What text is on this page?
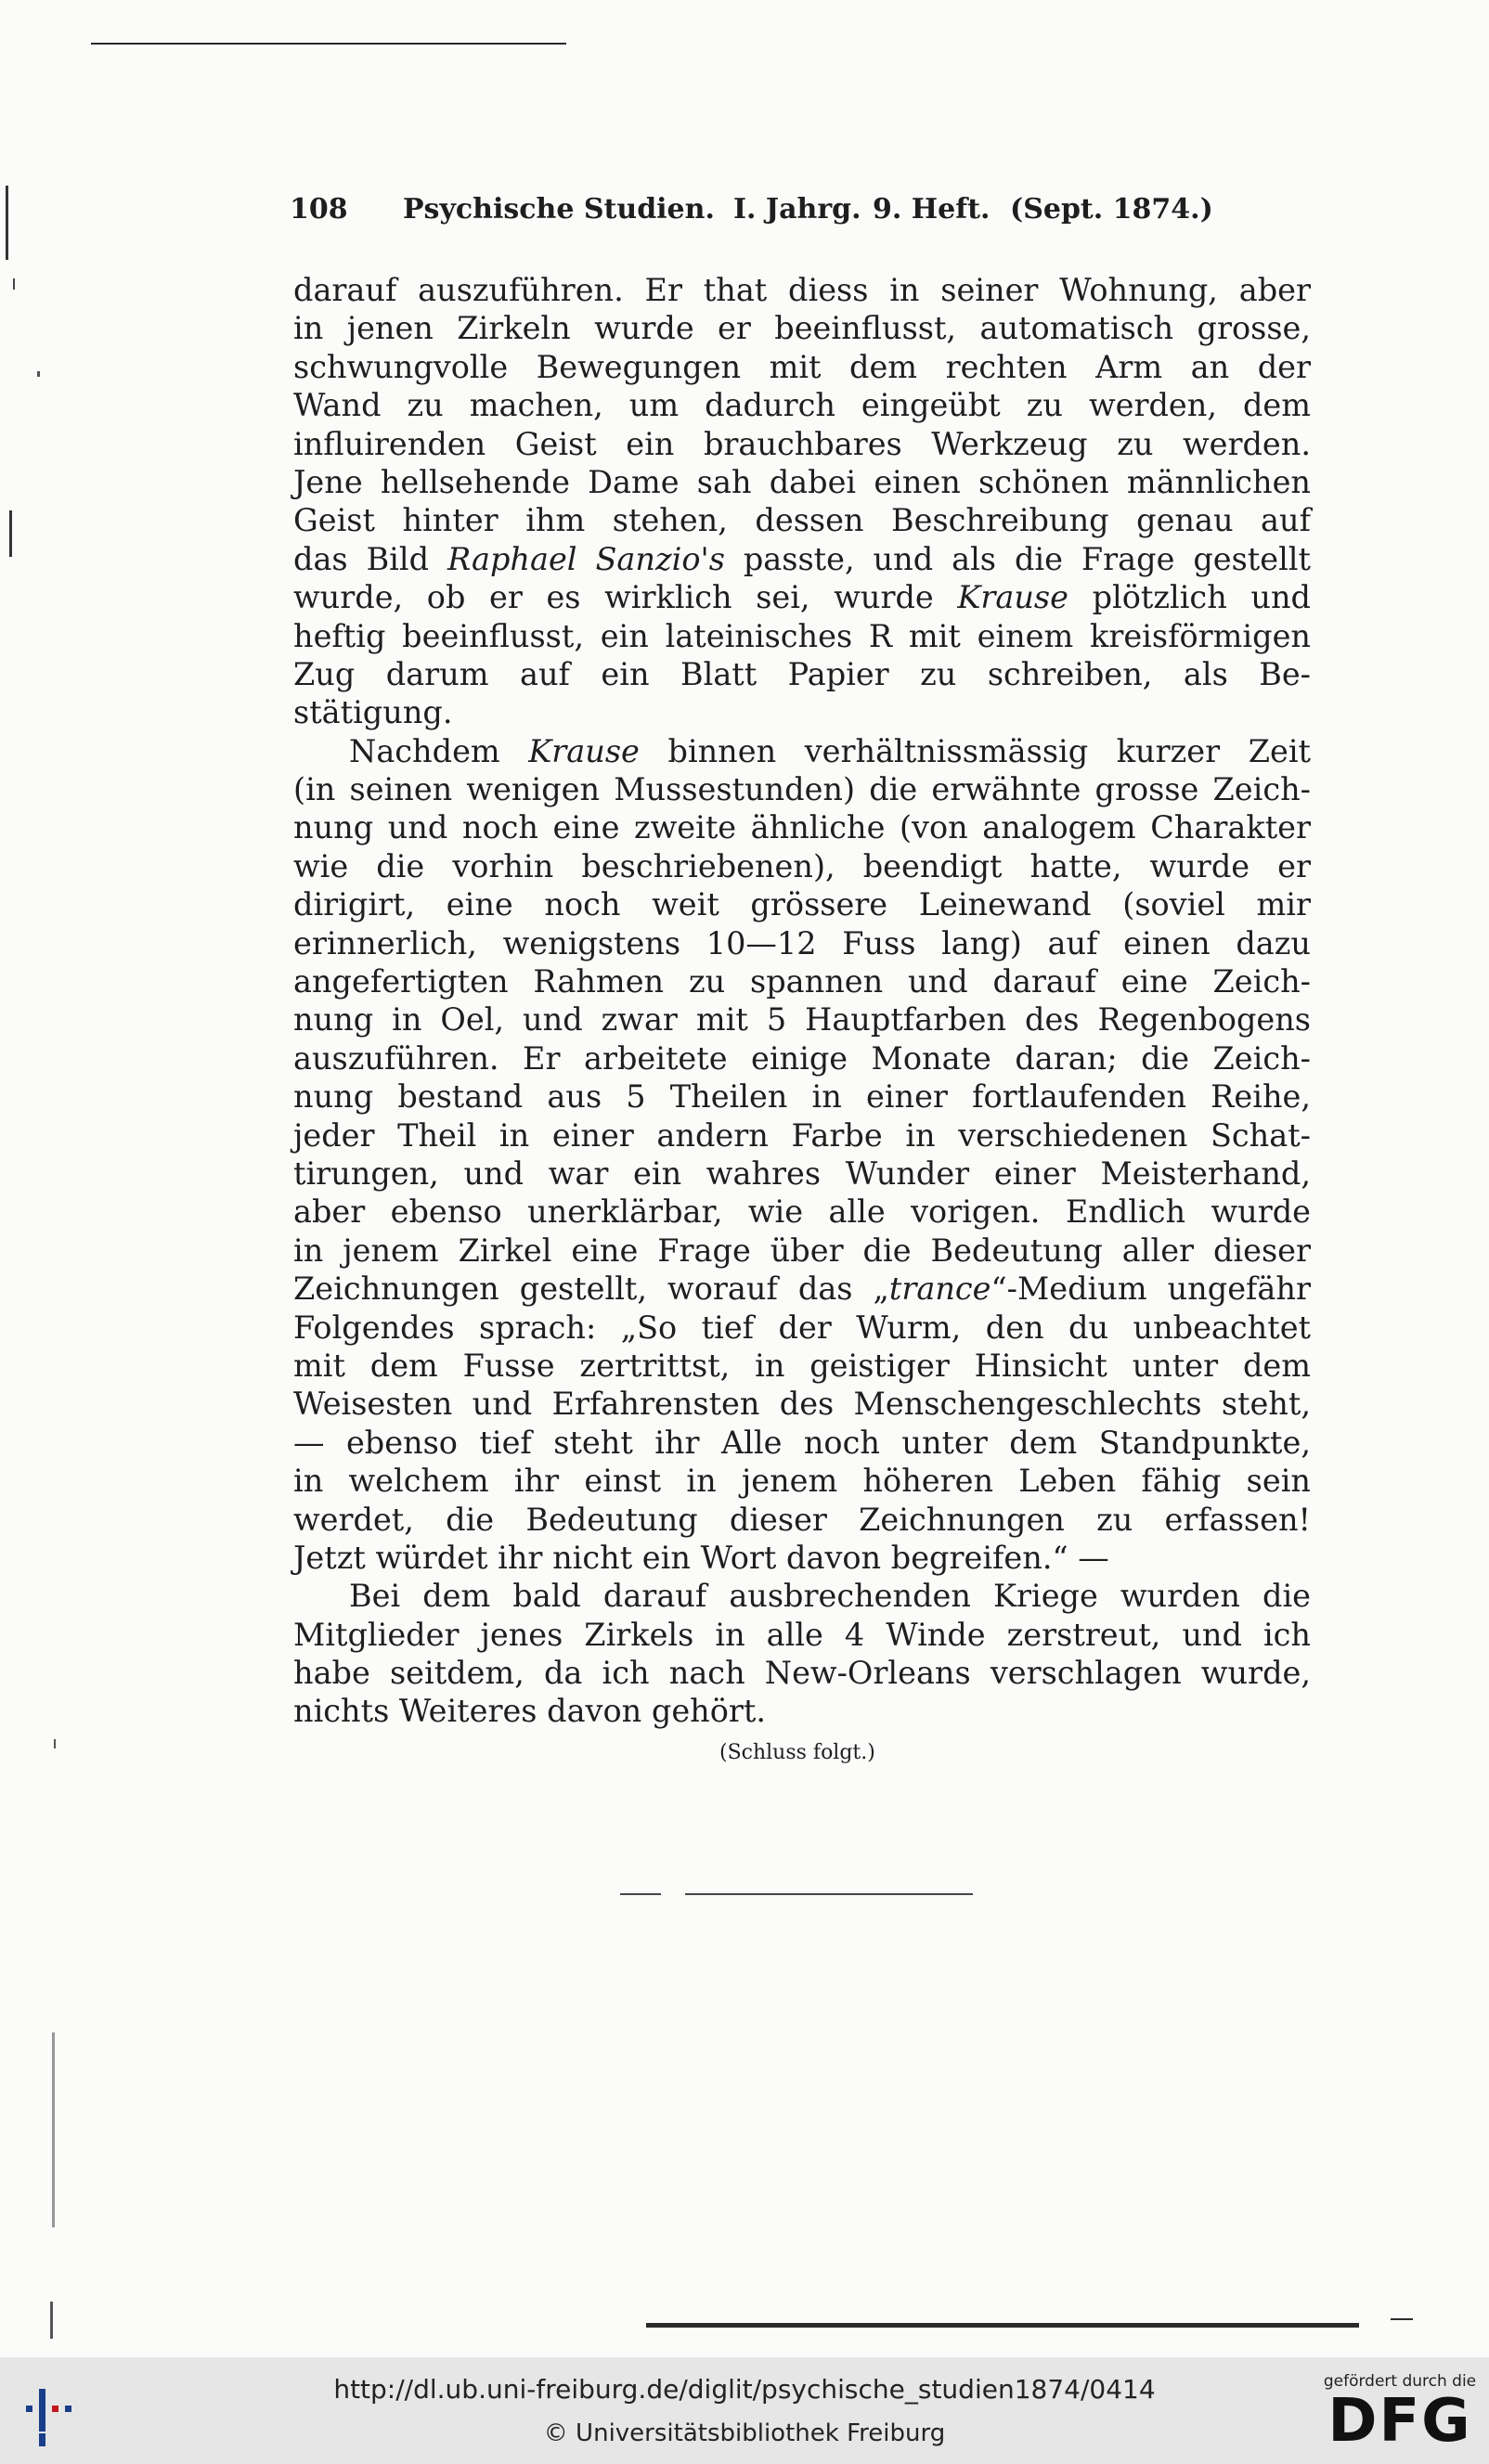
108 Psychische Studien. I. Jahrg. 9. Heft. (Sept. 1874.)
darauf auszuführen. Er that diess in seiner Wohnung, aber
in jenen Zirkeln wurde er beeinflusst, automatisch grosse,
schwungvolle Bewegungen mit dem rechten Arm an der
Wand zu machen, um dadurch eingeübt zu werden, dem
influirenden Geist ein brauchbares Werkzeug zu werden.
Jene hellsehende Dame sah dabei einen schönen männlichen
Geist hinter ihm stehen, dessen Beschreibung genau auf
das Bild Raphael Sanzio's passte, und als die Frage gestellt
wurde, ob er es wirklich sei, wurde Krause plötzlich und
heftig beeinflusst, ein lateinisches R mit einem kreisförmigen
Zug darum auf ein Blatt Papier zu schreiben, als Be-
stätigung.
Nachdem Krause binnen verhältnissmässig kurzer Zeit
(in seinen wenigen Mussestunden) die erwähnte grosse Zeich-
nung und noch eine zweite ähnliche (von analogem Charakter
wie die vorhin beschriebenen), beendigt hatte, wurde er
dirigirt, eine noch weit grössere Leinewand (soviel mir
erinnerlich, wenigstens 10—12 Fuss lang) auf einen dazu
angefertigten Rahmen zu spannen und darauf eine Zeich-
nung in Oel, und zwar mit 5 Hauptfarben des Regenbogens
auszuführen. Er arbeitete einige Monate daran; die Zeich-
nung bestand aus 5 Theilen in einer fortlaufenden Reihe,
jeder Theil in einer andern Farbe in verschiedenen Schat-
tirungen, und war ein wahres Wunder einer Meisterhand,
aber ebenso unerklärbar, wie alle vorigen. Endlich wurde
in jenem Zirkel eine Frage über die Bedeutung aller dieser
Zeichnungen gestellt, worauf das „trance“-Medium ungefähr
Folgendes sprach: „So tief der Wurm, den du unbeachtet
mit dem Fusse zertrittst, in geistiger Hinsicht unter dem
Weisesten und Erfahrensten des Menschengeschlechts steht,
— ebenso tief steht ihr Alle noch unter dem Standpunkte,
in welchem ihr einst in jenem höheren Leben fähig sein
werdet, die Bedeutung dieser Zeichnungen zu erfassen!
Jetzt würdet ihr nicht ein Wort davon begreifen.“ —
Bei dem bald darauf ausbrechenden Kriege wurden die
Mitglieder jenes Zirkels in alle 4 Winde zerstreut, und ich
habe seitdem, da ich nach New-Orleans verschlagen wurde,
nichts Weiteres davon gehört.
(Schluss folgt.)
http://dl.ub.uni-freiburg.de/diglit/psychische_studien1874/0414
© Universitätsbibliothek Freiburg
gefördert durch die
DFG
